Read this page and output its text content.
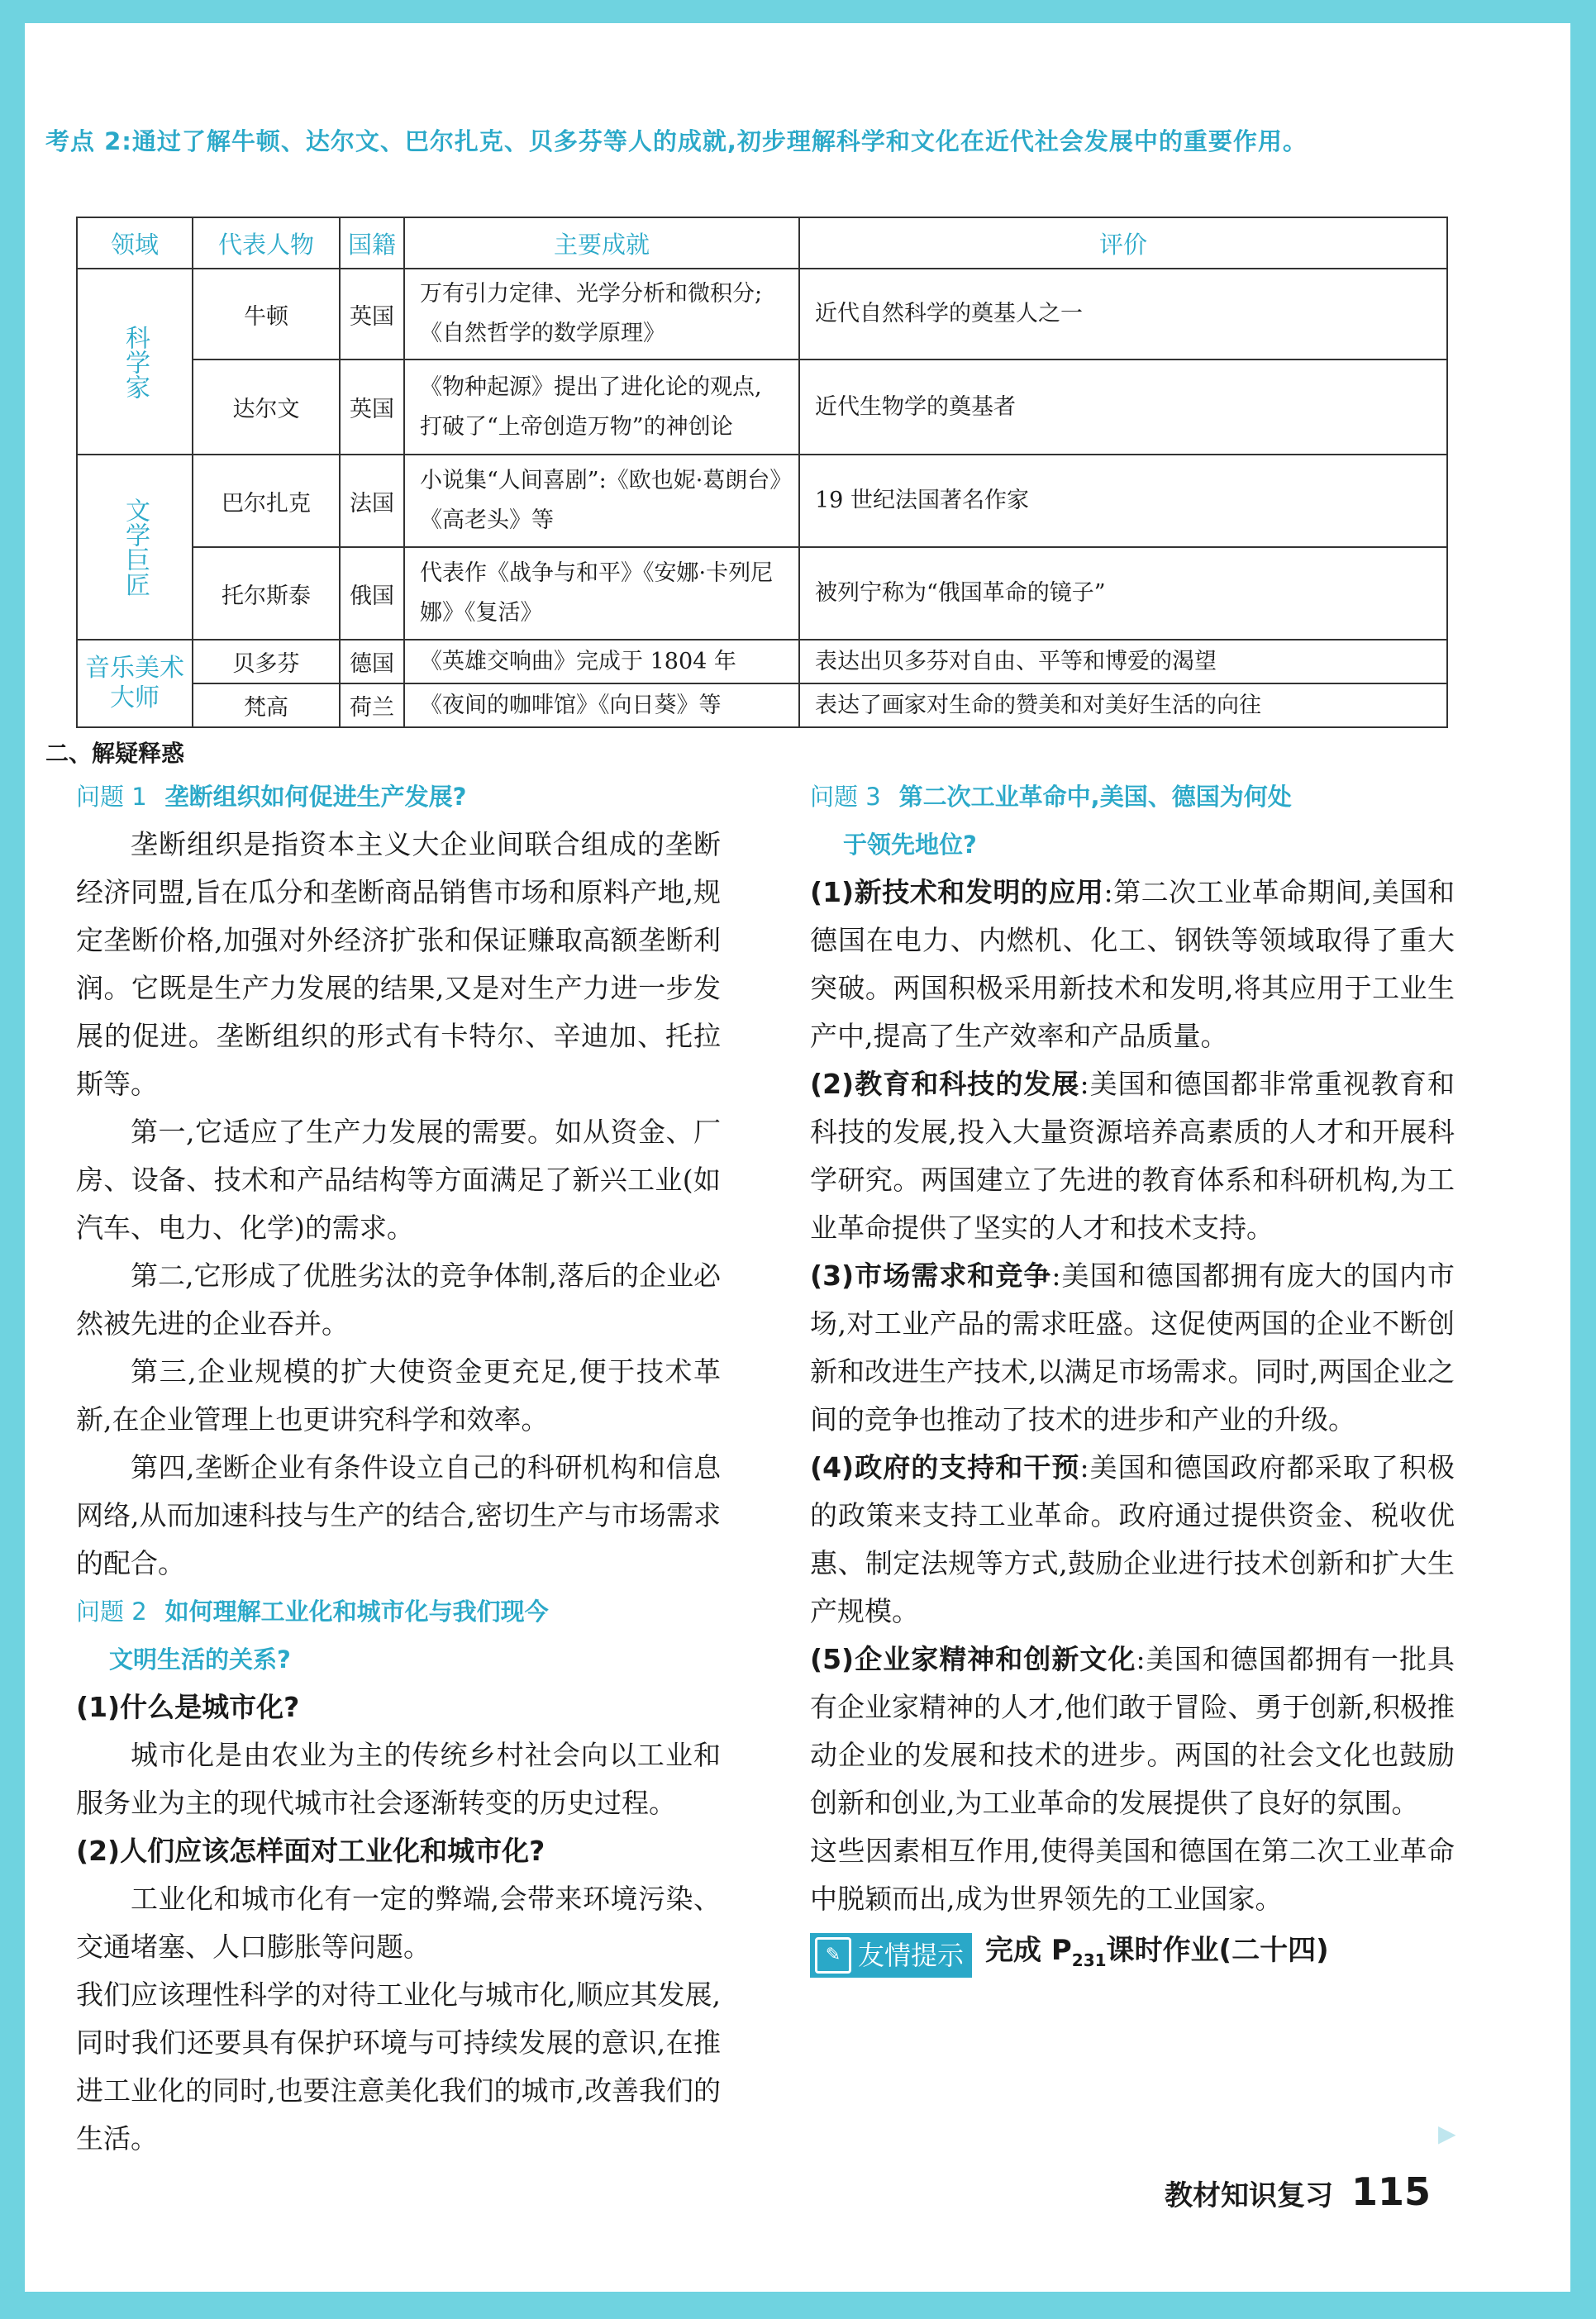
考点 2:通过了解牛顿、达尔文、巴尔扎克、贝多芬等人的成就,初步理解科学和文化在近代社会发展中的重要作用。
领域	代表人物	国籍	主要成就	评价
科学家	牛顿	英国	万有引力定律、光学分析和微积分;《自然哲学的数学原理》	近代自然科学的奠基人之一
	达尔文	英国	《物种起源》提出了进化论的观点,打破了“上帝创造万物”的神创论	近代生物学的奠基者
文学巨匠	巴尔扎克	法国	小说集“人间喜剧”:《欧也妮·葛朗台》《高老头》等	19 世纪法国著名作家
	托尔斯泰	俄国	代表作《战争与和平》《安娜·卡列尼娜》《复活》	被列宁称为“俄国革命的镜子”
音乐美术大师	贝多芬	德国	《英雄交响曲》完成于 1804 年	表达出贝多芬对自由、平等和博爱的渴望
	梵高	荷兰	《夜间的咖啡馆》《向日葵》等	表达了画家对生命的赞美和对美好生活的向往
二、解疑释惑
问题 1 垄断组织如何促进生产发展?

垄断组织是指资本主义大企业间联合组成的垄断经济同盟,旨在瓜分和垄断商品销售市场和原料产地,规定垄断价格,加强对外经济扩张和保证赚取高额垄断利润。它既是生产力发展的结果,又是对生产力进一步发展的促进。垄断组织的形式有卡特尔、辛迪加、托拉斯等。

第一,它适应了生产力发展的需要。如从资金、厂房、设备、技术和产品结构等方面满足了新兴工业(如汽车、电力、化学)的需求。

第二,它形成了优胜劣汰的竞争体制,落后的企业必然被先进的企业吞并。

第三,企业规模的扩大使资金更充足,便于技术革新,在企业管理上也更讲究科学和效率。

第四,垄断企业有条件设立自己的科研机构和信息网络,从而加速科技与生产的结合,密切生产与市场需求的配合。

问题 2 如何理解工业化和城市化与我们现今
文明生活的关系?

(1)什么是城市化?

城市化是由农业为主的传统乡村社会向以工业和服务业为主的现代城市社会逐渐转变的历史过程。

(2)人们应该怎样面对工业化和城市化?

工业化和城市化有一定的弊端,会带来环境污染、交通堵塞、人口膨胀等问题。

我们应该理性科学的对待工业化与城市化,顺应其发展,同时我们还要具有保护环境与可持续发展的意识,在推进工业化的同时,也要注意美化我们的城市,改善我们的生活。

问题 3 第二次工业革命中,美国、德国为何处
于领先地位?

(1)新技术和发明的应用:第二次工业革命期间,美国和德国在电力、内燃机、化工、钢铁等领域取得了重大突破。两国积极采用新技术和发明,将其应用于工业生产中,提高了生产效率和产品质量。

(2)教育和科技的发展:美国和德国都非常重视教育和科技的发展,投入大量资源培养高素质的人才和开展科学研究。两国建立了先进的教育体系和科研机构,为工业革命提供了坚实的人才和技术支持。

(3)市场需求和竞争:美国和德国都拥有庞大的国内市场,对工业产品的需求旺盛。这促使两国的企业不断创新和改进生产技术,以满足市场需求。同时,两国企业之间的竞争也推动了技术的进步和产业的升级。

(4)政府的支持和干预:美国和德国政府都采取了积极的政策来支持工业革命。政府通过提供资金、税收优惠、制定法规等方式,鼓励企业进行技术创新和扩大生产规模。

(5)企业家精神和创新文化:美国和德国都拥有一批具有企业家精神的人才,他们敢于冒险、勇于创新,积极推动企业的发展和技术的进步。两国的社会文化也鼓励创新和创业,为工业革命的发展提供了良好的氛围。

这些因素相互作用,使得美国和德国在第二次工业革命中脱颖而出,成为世界领先的工业国家。

✎ 友情提示 完成 $P_{231}$课时作业(二十四)
▶
教材知识复习 115
